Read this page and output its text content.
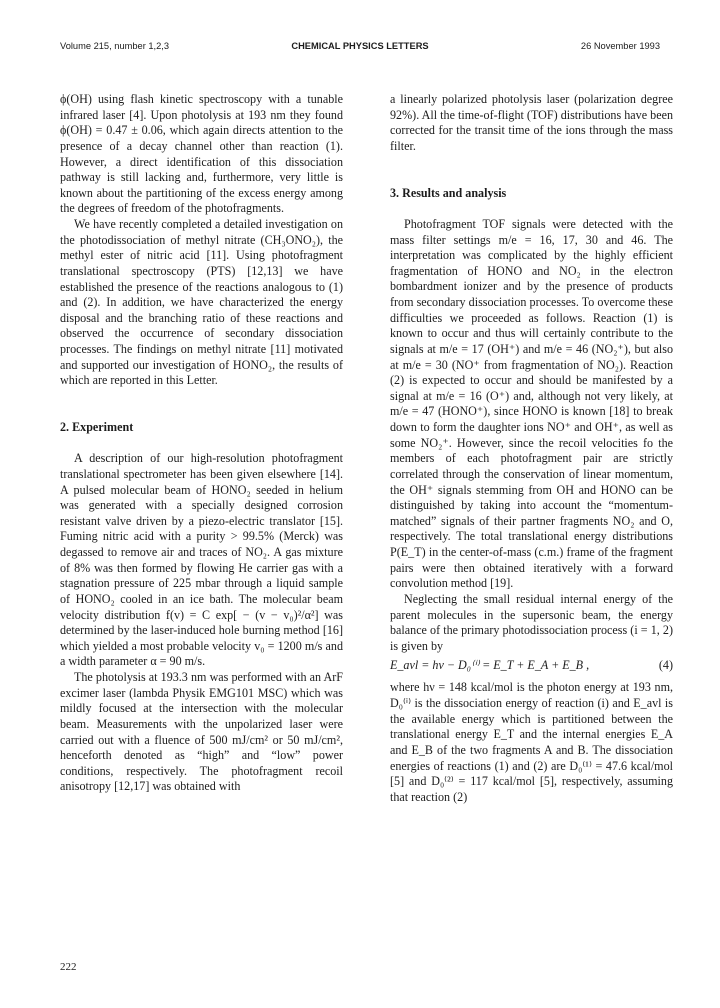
Volume 215, number 1,2,3	CHEMICAL PHYSICS LETTERS	26 November 1993

ϕ(OH) using flash kinetic spectroscopy with a tunable infrared laser [4]. Upon photolysis at 193 nm they found ϕ(OH) = 0.47 ± 0.06, which again directs attention to the presence of a decay channel other than reaction (1). However, a direct identification of this dissociation pathway is still lacking and, furthermore, very little is known about the partitioning of the excess energy among the degrees of freedom of the photofragments.

We have recently completed a detailed investigation on the photodissociation of methyl nitrate (CH₃ONO₂), the methyl ester of nitric acid [11]. Using photofragment translational spectroscopy (PTS) [12,13] we have established the presence of the reactions analogous to (1) and (2). In addition, we have characterized the energy disposal and the branching ratio of these reactions and observed the occurrence of secondary dissociation processes. The findings on methyl nitrate [11] motivated and supported our investigation of HONO₂, the results of which are reported in this Letter.

2. Experiment

A description of our high-resolution photofragment translational spectrometer has been given elsewhere [14]. A pulsed molecular beam of HONO₂ seeded in helium was generated with a specially designed corrosion resistant valve driven by a piezo-electric translator [15]. Fuming nitric acid with a purity > 99.5% (Merck) was degassed to remove air and traces of NO₂. A gas mixture of 8% was then formed by flowing He carrier gas with a stagnation pressure of 225 mbar through a liquid sample of HONO₂ cooled in an ice bath. The molecular beam velocity distribution f(v) = C exp[ − (v − v₀)²/α²] was determined by the laser-induced hole burning method [16] which yielded a most probable velocity v₀ = 1200 m/s and a width parameter α = 90 m/s.

The photolysis at 193.3 nm was performed with an ArF excimer laser (lambda Physik EMG101 MSC) which was mildly focused at the intersection with the molecular beam. Measurements with the unpolarized laser were carried out with a fluence of 500 mJ/cm² or 50 mJ/cm², henceforth denoted as “high” and “low” power conditions, respectively. The photofragment recoil anisotropy [12,17] was obtained with

a linearly polarized photolysis laser (polarization degree 92%). All the time-of-flight (TOF) distributions have been corrected for the transit time of the ions through the mass filter.

3. Results and analysis

Photofragment TOF signals were detected with the mass filter settings m/e = 16, 17, 30 and 46. The interpretation was complicated by the highly efficient fragmentation of HONO and NO₂ in the electron bombardment ionizer and by the presence of products from secondary dissociation processes. To overcome these difficulties we proceeded as follows. Reaction (1) is known to occur and thus will certainly contribute to the signals at m/e = 17 (OH⁺) and m/e = 46 (NO₂⁺), but also at m/e = 30 (NO⁺ from fragmentation of NO₂). Reaction (2) is expected to occur and should be manifested by a signal at m/e = 16 (O⁺) and, although not very likely, at m/e = 47 (HONO⁺), since HONO is known [18] to break down to form the daughter ions NO⁺ and OH⁺, as well as some NO₂⁺. However, since the recoil velocities fo the members of each photofragment pair are strictly correlated through the conservation of linear momentum, the OH⁺ signals stemming from OH and HONO can be distinguished by taking into account the “momentum-matched” signals of their partner fragments NO₂ and O, respectively. The total translational energy distributions P(E_T) in the center-of-mass (c.m.) frame of the fragment pairs were then obtained iteratively with a forward convolution method [19].

Neglecting the small residual internal energy of the parent molecules in the supersonic beam, the energy balance of the primary photodissociation process (i = 1, 2) is given by

E_avl = hν − D₀⁽ⁱ⁾ = E_T + E_A + E_B ,	(4)

where hν = 148 kcal/mol is the photon energy at 193 nm, D₀⁽ⁱ⁾ is the dissociation energy of reaction (i) and E_avl is the available energy which is partitioned between the translational energy E_T and the internal energies E_A and E_B of the two fragments A and B. The dissociation energies of reactions (1) and (2) are D₀⁽¹⁾ = 47.6 kcal/mol [5] and D₀⁽²⁾ = 117 kcal/mol [5], respectively, assuming that reaction (2)

222
